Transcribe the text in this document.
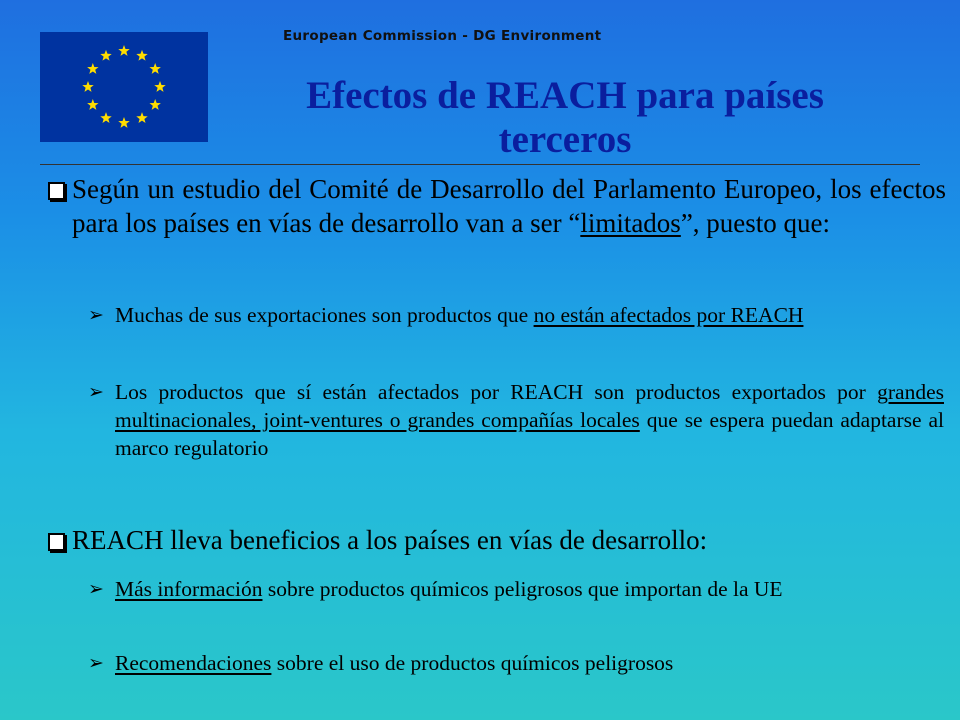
European Commission - DG Environment
Efectos de REACH para países
terceros
Según un estudio del Comité de Desarrollo del Parlamento Europeo, los efectos para los países en vías de desarrollo van a ser “limitados”, puesto que:
➢ Muchas de sus exportaciones son productos que no están afectados por REACH
➢ Los productos que sí están afectados por REACH son productos exportados por grandes multinacionales, joint-ventures o grandes compañías locales que se espera puedan adaptarse al marco regulatorio
REACH lleva beneficios a los países en vías de desarrollo:
➢ Más información sobre productos químicos peligrosos que importan de la UE
➢ Recomendaciones sobre el uso de productos químicos peligrosos
